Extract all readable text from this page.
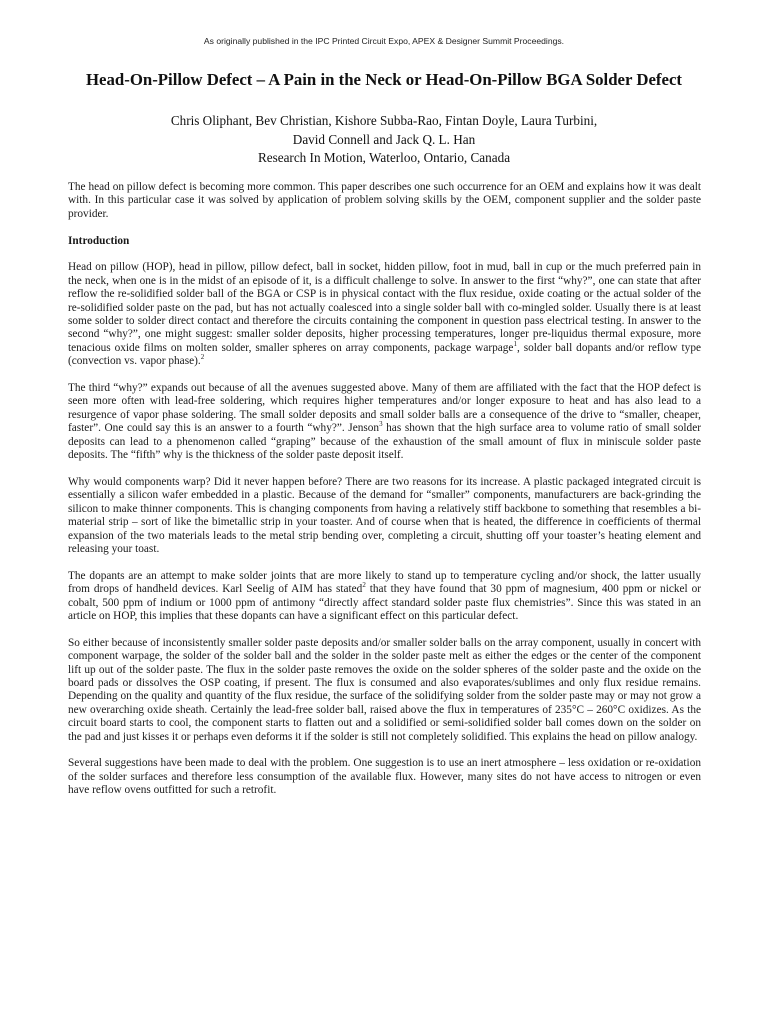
As originally published in the IPC Printed Circuit Expo, APEX & Designer Summit Proceedings.
Head-On-Pillow Defect – A Pain in the Neck or Head-On-Pillow BGA Solder Defect
Chris Oliphant, Bev Christian, Kishore Subba-Rao, Fintan Doyle, Laura Turbini,
David Connell and Jack Q. L. Han
Research In Motion, Waterloo, Ontario, Canada

The head on pillow defect is becoming more common. This paper describes one such occurrence for an OEM and explains how it was dealt with. In this particular case it was solved by application of problem solving skills by the OEM, component supplier and the solder paste provider.

Introduction

Head on pillow (HOP), head in pillow, pillow defect, ball in socket, hidden pillow, foot in mud, ball in cup or the much preferred pain in the neck, when one is in the midst of an episode of it, is a difficult challenge to solve. In answer to the first “why?”, one can state that after reflow the re-solidified solder ball of the BGA or CSP is in physical contact with the flux residue, oxide coating or the actual solder of the re-solidified solder paste on the pad, but has not actually coalesced into a single solder ball with co-mingled solder. Usually there is at least some solder to solder direct contact and therefore the circuits containing the component in question pass electrical testing. In answer to the second “why?”, one might suggest: smaller solder deposits, higher processing temperatures, longer pre-liquidus thermal exposure, more tenacious oxide films on molten solder, smaller spheres on array components, package warpage$^1$, solder ball dopants and/or reflow type (convection vs. vapor phase).$^2$

The third “why?” expands out because of all the avenues suggested above. Many of them are affiliated with the fact that the HOP defect is seen more often with lead-free soldering, which requires higher temperatures and/or longer exposure to heat and has also lead to a resurgence of vapor phase soldering. The small solder deposits and small solder balls are a consequence of the drive to “smaller, cheaper, faster”. One could say this is an answer to a fourth “why?”. Jenson$^3$ has shown that the high surface area to volume ratio of small solder deposits can lead to a phenomenon called “graping” because of the exhaustion of the small amount of flux in miniscule solder paste deposits. The “fifth” why is the thickness of the solder paste deposit itself.

Why would components warp? Did it never happen before? There are two reasons for its increase. A plastic packaged integrated circuit is essentially a silicon wafer embedded in a plastic. Because of the demand for “smaller” components, manufacturers are back-grinding the silicon to make thinner components. This is changing components from having a relatively stiff backbone to something that resembles a bi-material strip – sort of like the bimetallic strip in your toaster. And of course when that is heated, the difference in coefficients of thermal expansion of the two materials leads to the metal strip bending over, completing a circuit, shutting off your toaster’s heating element and releasing your toast.

The dopants are an attempt to make solder joints that are more likely to stand up to temperature cycling and/or shock, the latter usually from drops of handheld devices. Karl Seelig of AIM has stated$^2$ that they have found that 30 ppm of magnesium, 400 ppm or nickel or cobalt, 500 ppm of indium or 1000 ppm of antimony “directly affect standard solder paste flux chemistries”. Since this was stated in an article on HOP, this implies that these dopants can have a significant effect on this particular defect.

So either because of inconsistently smaller solder paste deposits and/or smaller solder balls on the array component, usually in concert with component warpage, the solder of the solder ball and the solder in the solder paste melt as either the edges or the center of the component lift up out of the solder paste. The flux in the solder paste removes the oxide on the solder spheres of the solder paste and the oxide on the board pads or dissolves the OSP coating, if present. The flux is consumed and also evaporates/sublimes and only flux residue remains. Depending on the quality and quantity of the flux residue, the surface of the solidifying solder from the solder paste may or may not grow a new overarching oxide sheath. Certainly the lead-free solder ball, raised above the flux in temperatures of 235°C – 260°C oxidizes. As the circuit board starts to cool, the component starts to flatten out and a solidified or semi-solidified solder ball comes down on the solder on the pad and just kisses it or perhaps even deforms it if the solder is still not completely solidified. This explains the head on pillow analogy.

Several suggestions have been made to deal with the problem. One suggestion is to use an inert atmosphere – less oxidation or re-oxidation of the solder surfaces and therefore less consumption of the available flux. However, many sites do not have access to nitrogen or even have reflow ovens outfitted for such a retrofit.
